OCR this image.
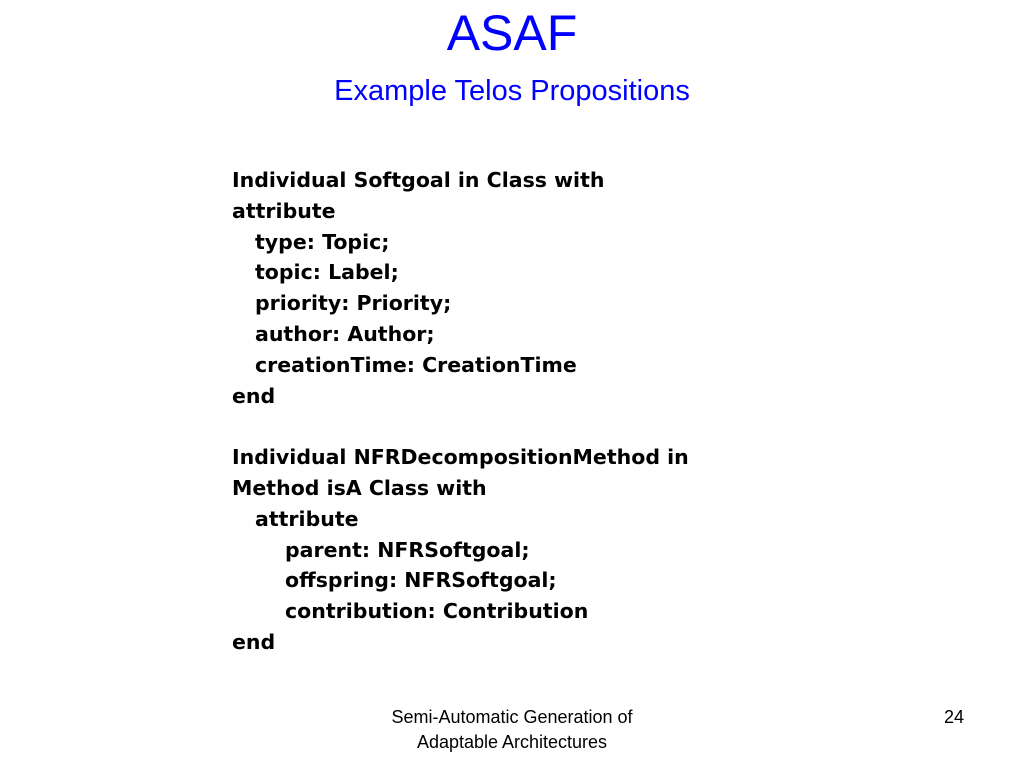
ASAF
Example Telos Propositions
Individual Softgoal in Class with
attribute
type: Topic;
topic: Label;
priority: Priority;
author: Author;
creationTime: CreationTime
end
Individual NFRDecompositionMethod in
Method isA Class with
attribute
parent: NFRSoftgoal;
offspring: NFRSoftgoal;
contribution: Contribution
end
Semi-Automatic Generation of
Adaptable Architectures
24
